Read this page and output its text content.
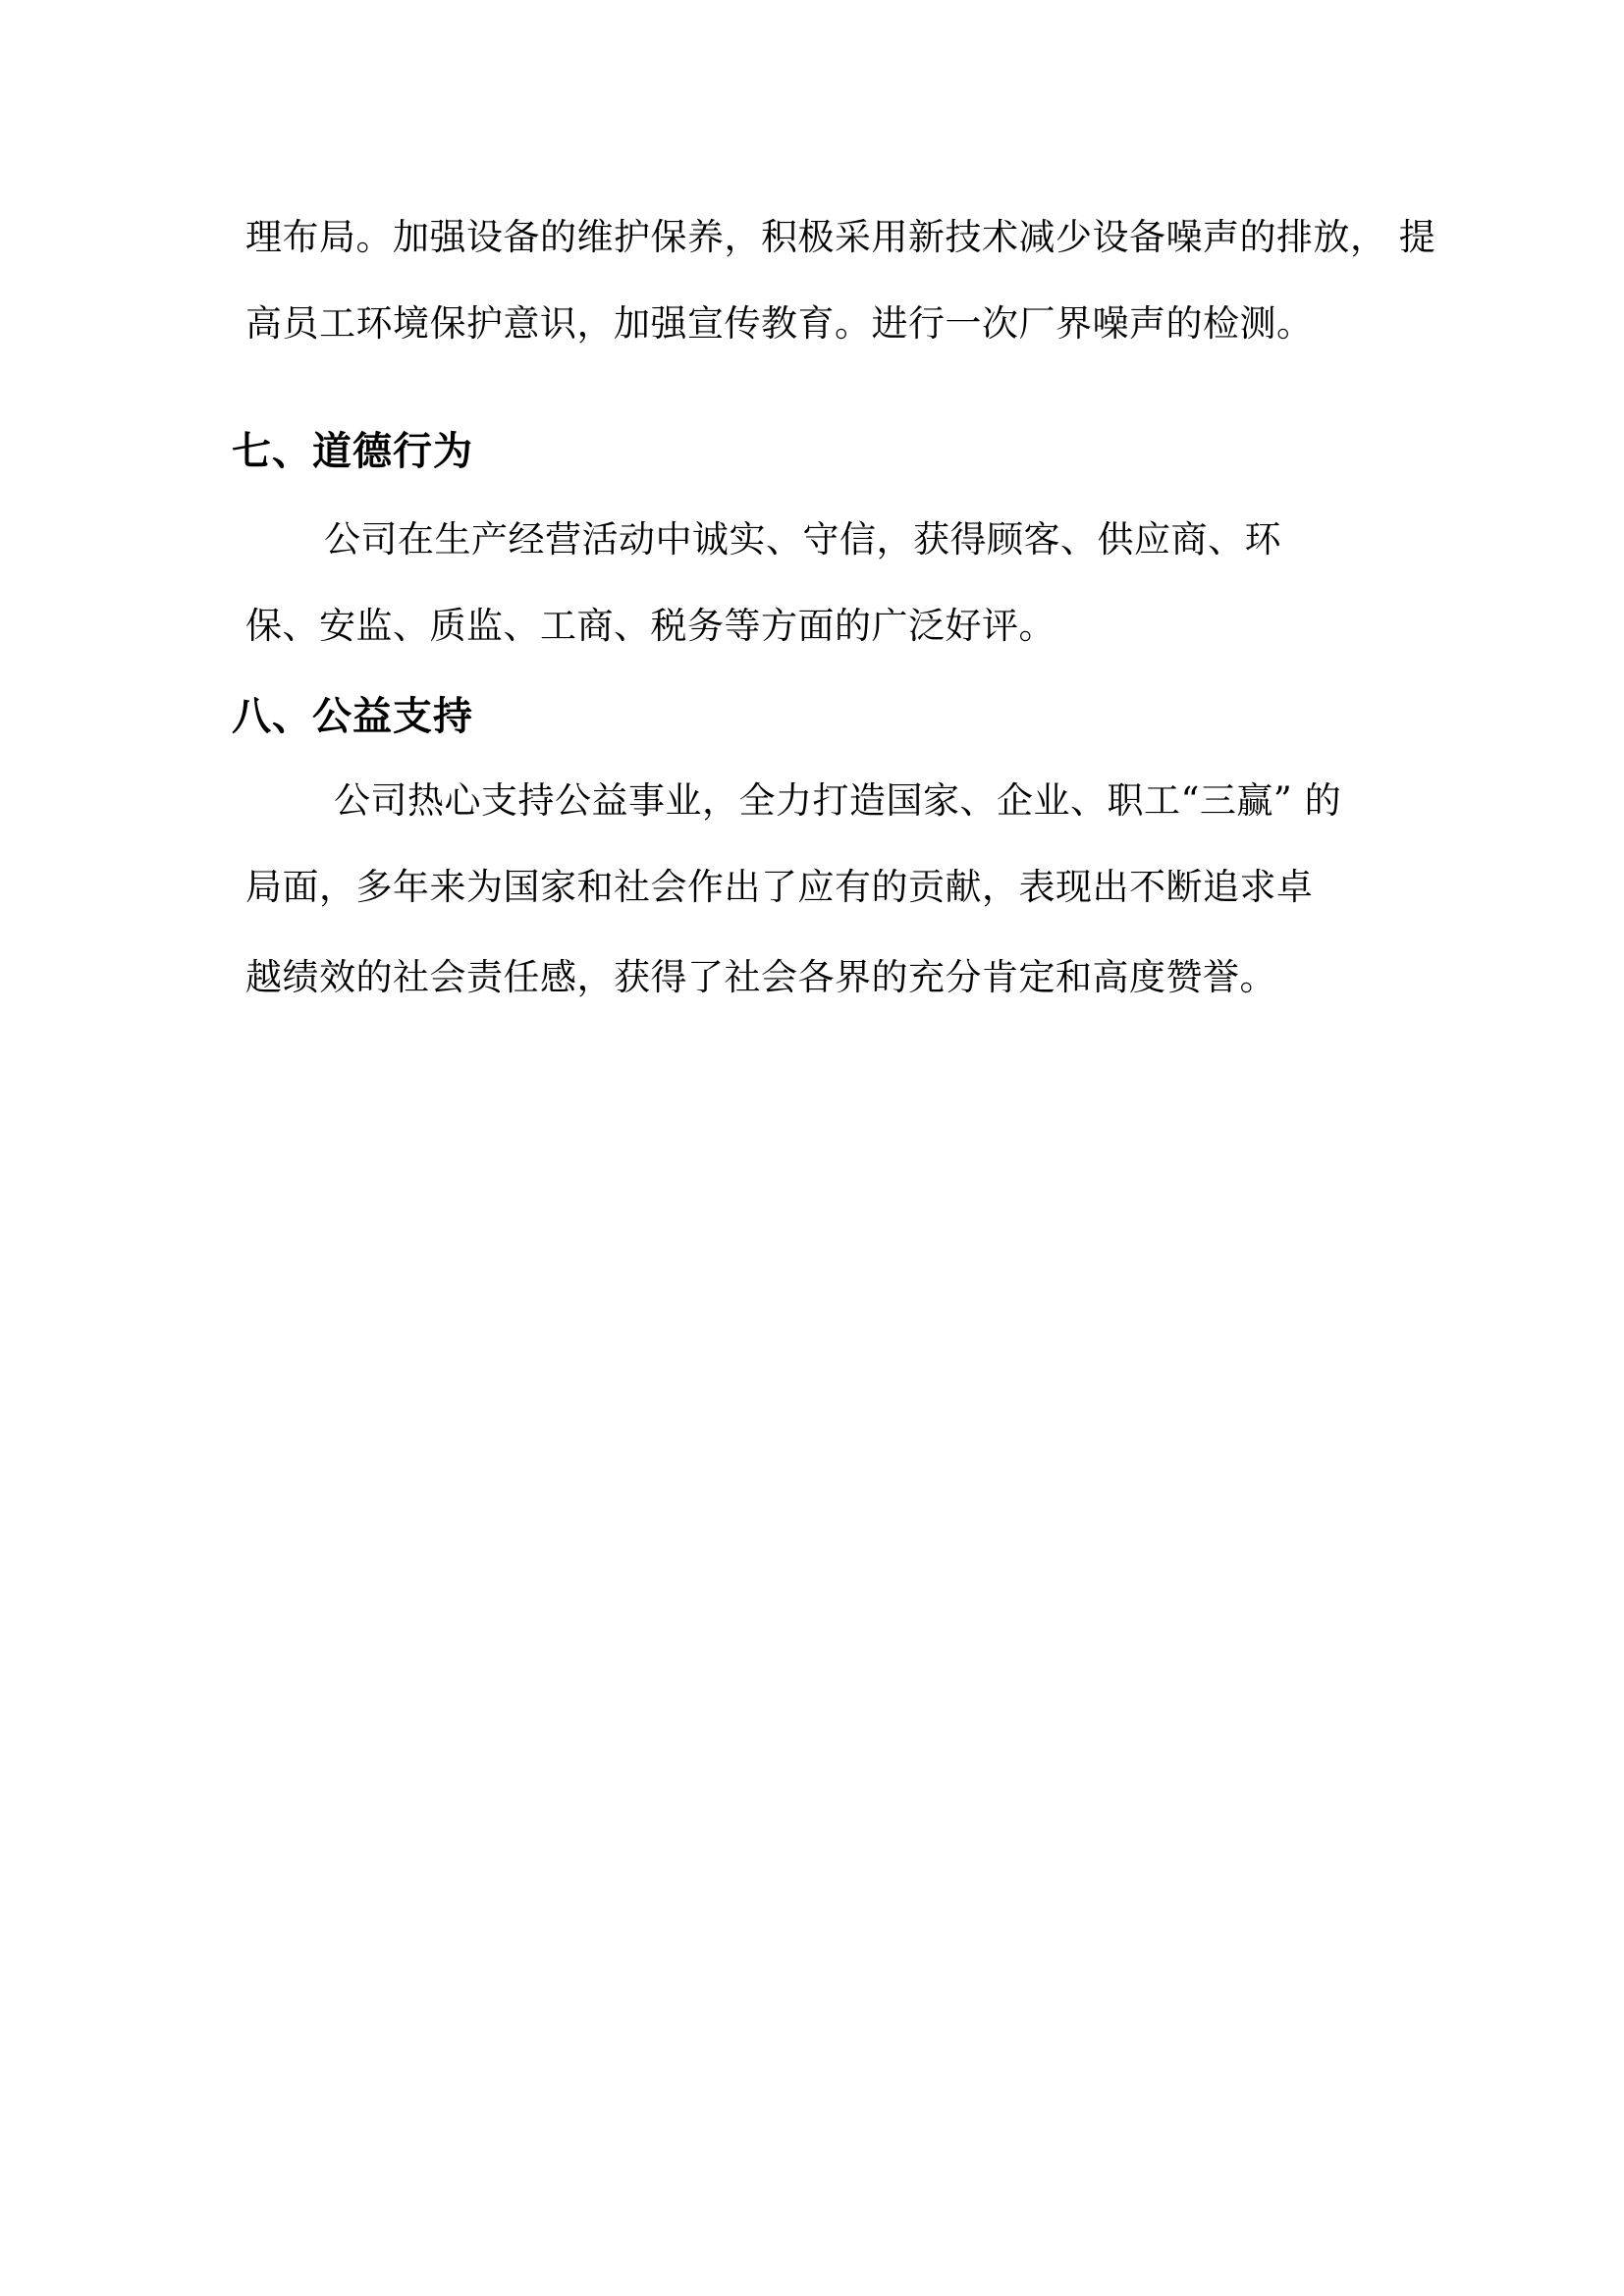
理布局。加强设备的维护保养，积极采用新技术减少设备噪声的排放， 提
高员工环境保护意识，加强宣传教育。进行一次厂界噪声的检测。
七、道德行为
公司在生产经营活动中诚实、守信，获得顾客、供应商、环
保、安监、质监、工商、税务等方面的广泛好评。
八、公益支持
公司热心支持公益事业，全力打造国家、企业、职工“三赢” 的
局面，多年来为国家和社会作出了应有的贡献，表现出不断追求卓
越绩效的社会责任感，获得了社会各界的充分肯定和高度赞誉。
